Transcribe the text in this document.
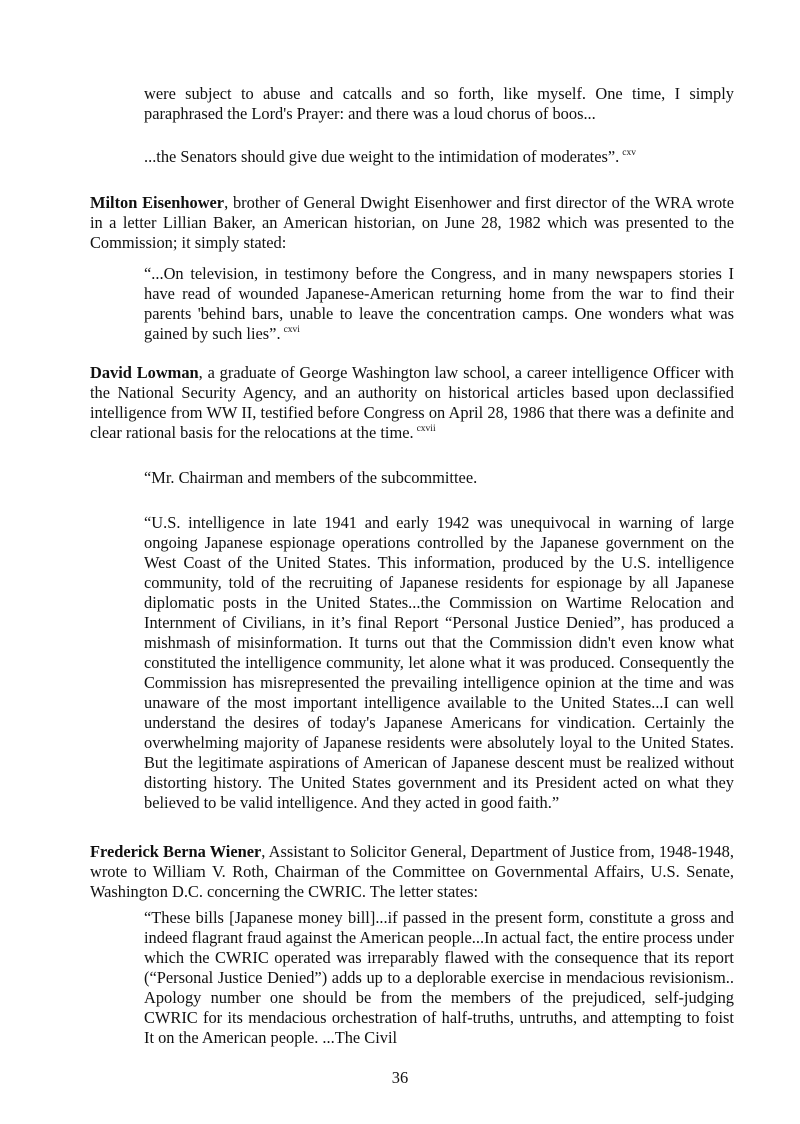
were subject to abuse and catcalls and so forth, like myself. One time, I simply paraphrased the Lord's Prayer: and there was a loud chorus of boos...

...the Senators should give due weight to the intimidation of moderates”. $^{cxv}$

Milton Eisenhower, brother of General Dwight Eisenhower and first director of the WRA wrote in a letter Lillian Baker, an American historian, on June 28, 1982 which was presented to the Commission; it simply stated:

“...On television, in testimony before the Congress, and in many newspapers stories I have read of wounded Japanese-American returning home from the war to find their parents 'behind bars, unable to leave the concentration camps. One wonders what was gained by such lies”. $^{cxvi}$

David Lowman, a graduate of George Washington law school, a career intelligence Officer with the National Security Agency, and an authority on historical articles based upon declassified intelligence from WW II, testified before Congress on April 28, 1986 that there was a definite and clear rational basis for the relocations at the time. $^{cxvii}$

“Mr. Chairman and members of the subcommittee.

“U.S. intelligence in late 1941 and early 1942 was unequivocal in warning of large ongoing Japanese espionage operations controlled by the Japanese government on the West Coast of the United States. This information, produced by the U.S. intelligence community, told of the recruiting of Japanese residents for espionage by all Japanese diplomatic posts in the United States...the Commission on Wartime Relocation and Internment of Civilians, in it’s final Report “Personal Justice Denied”, has produced a mishmash of misinformation. It turns out that the Commission didn't even know what constituted the intelligence community, let alone what it was produced. Consequently the Commission has misrepresented the prevailing intelligence opinion at the time and was unaware of the most important intelligence available to the United States...I can well understand the desires of today's Japanese Americans for vindication. Certainly the overwhelming majority of Japanese residents were absolutely loyal to the United States. But the legitimate aspirations of American of Japanese descent must be realized without distorting history. The United States government and its President acted on what they believed to be valid intelligence. And they acted in good faith.”

Frederick Berna Wiener, Assistant to Solicitor General, Department of Justice from, 1948-1948, wrote to William V. Roth, Chairman of the Committee on Governmental Affairs, U.S. Senate, Washington D.C. concerning the CWRIC. The letter states:

“These bills [Japanese money bill]...if passed in the present form, constitute a gross and indeed flagrant fraud against the American people...In actual fact, the entire process under which the CWRIC operated was irreparably flawed with the consequence that its report (“Personal Justice Denied”) adds up to a deplorable exercise in mendacious revisionism.. Apology number one should be from the members of the prejudiced, self-judging CWRIC for its mendacious orchestration of half-truths, untruths, and attempting to foist It on the American people. ...The Civil

36
